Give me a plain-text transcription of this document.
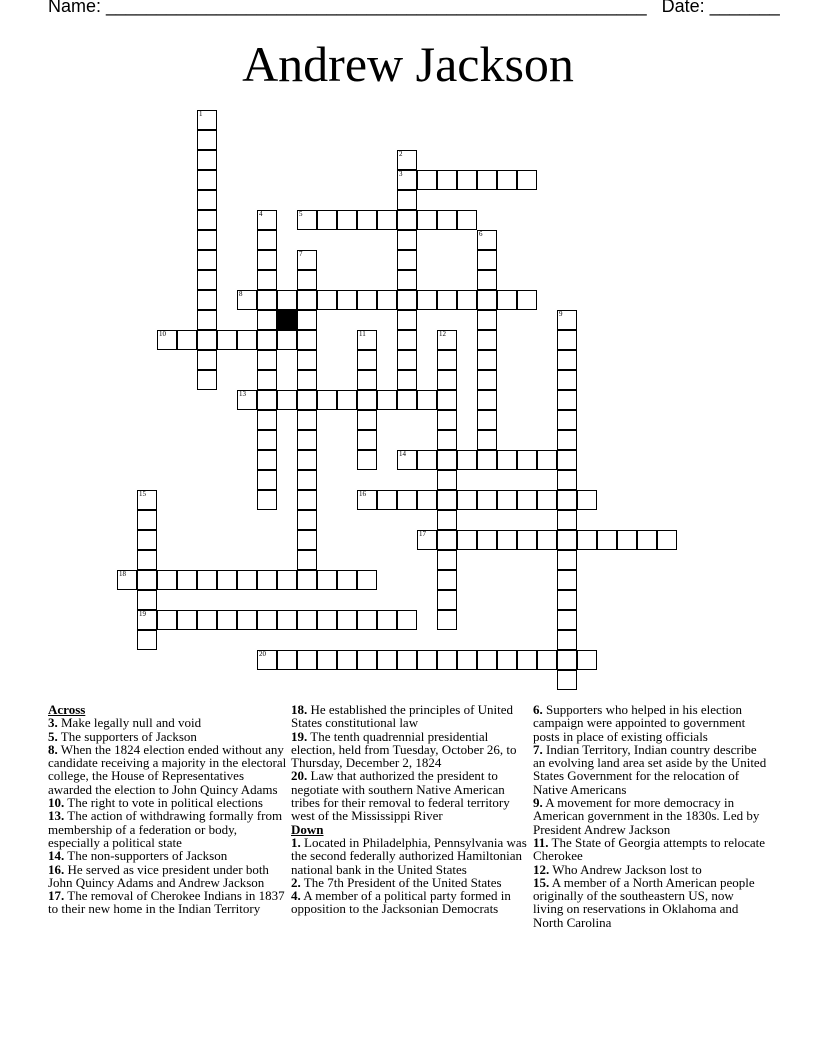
Name: ______________________________________________________ Date: _______
Andrew Jackson
1
2
3
4	5
6
7
8
9
10	11	12
13
14
15
19
16
17
18
20
Across
3. Make legally null and void
5. The supporters of Jackson
8. When the 1824 election ended without any candidate receiving a majority in the electoral college, the House of Representatives awarded the election to John Quincy Adams
10. The right to vote in political elections
13. The action of withdrawing formally from membership of a federation or body, especially a political state
14. The non-supporters of Jackson
16. He served as vice president under both John Quincy Adams and Andrew Jackson
17. The removal of Cherokee Indians in 1837 to their new home in the Indian Territory
18. He established the principles of United States constitutional law
19. The tenth quadrennial presidential election, held from Tuesday, October 26, to Thursday, December 2, 1824
20. Law that authorized the president to negotiate with southern Native American tribes for their removal to federal territory west of the Mississippi River
Down
1. Located in Philadelphia, Pennsylvania was the second federally authorized Hamiltonian national bank in the United States
2. The 7th President of the United States
4. A member of a political party formed in opposition to the Jacksonian Democrats
6. Supporters who helped in his election campaign were appointed to government posts in place of existing officials
7. Indian Territory, Indian country describe an evolving land area set aside by the United States Government for the relocation of Native Americans
9. A movement for more democracy in American government in the 1830s. Led by President Andrew Jackson
11. The State of Georgia attempts to relocate Cherokee
12. Who Andrew Jackson lost to
15. A member of a North American people originally of the southeastern US, now living on reservations in Oklahoma and North Carolina
